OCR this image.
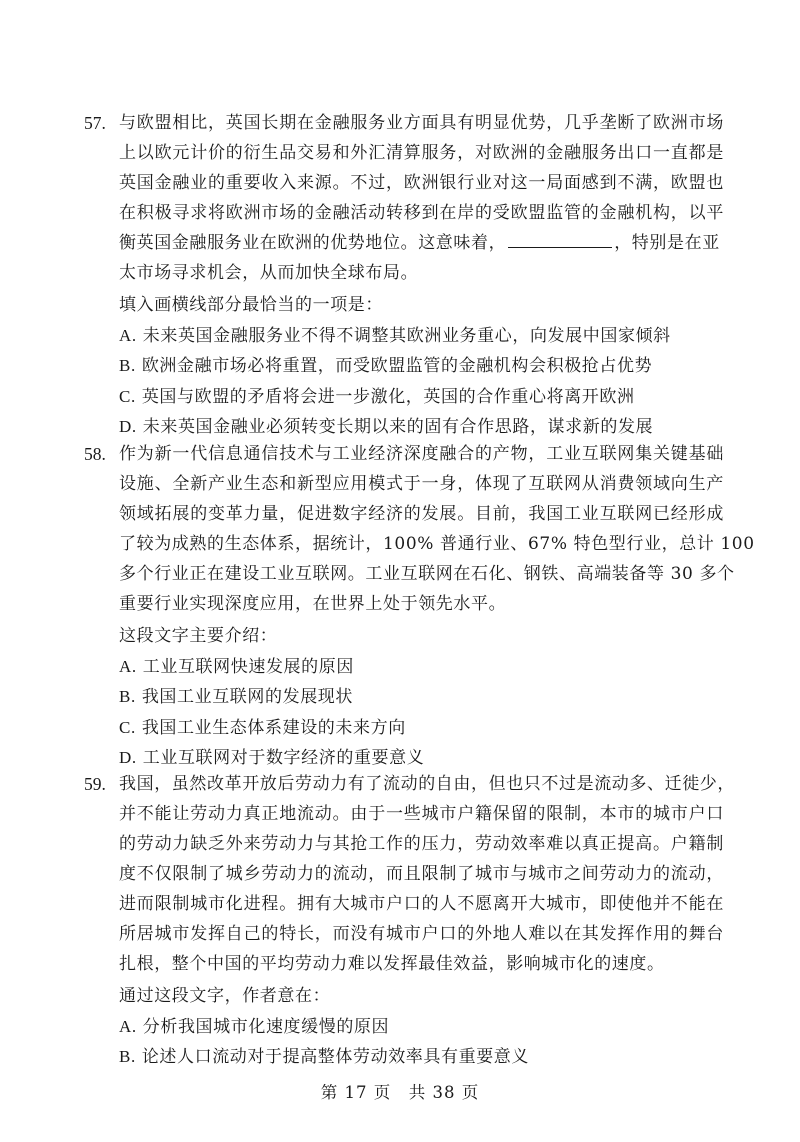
57. 与欧盟相比，英国长期在金融服务业方面具有明显优势，几乎垄断了欧洲市场
上以欧元计价的衍生品交易和外汇清算服务，对欧洲的金融服务出口一直都是
英国金融业的重要收入来源。不过，欧洲银行业对这一局面感到不满，欧盟也
在积极寻求将欧洲市场的金融活动转移到在岸的受欧盟监管的金融机构，以平
衡英国金融服务业在欧洲的优势地位。这意味着，	，特别是在亚
太市场寻求机会，从而加快全球布局。
填入画横线部分最恰当的一项是：
A. 未来英国金融服务业不得不调整其欧洲业务重心，向发展中国家倾斜
B. 欧洲金融市场必将重置，而受欧盟监管的金融机构会积极抢占优势
C. 英国与欧盟的矛盾将会进一步激化，英国的合作重心将离开欧洲
D. 未来英国金融业必须转变长期以来的固有合作思路，谋求新的发展
58. 作为新一代信息通信技术与工业经济深度融合的产物，工业互联网集关键基础
设施、全新产业生态和新型应用模式于一身，体现了互联网从消费领域向生产
领域拓展的变革力量，促进数字经济的发展。目前，我国工业互联网已经形成
了较为成熟的生态体系，据统计，100% 普通行业、67% 特色型行业，总计 100
多个行业正在建设工业互联网。工业互联网在石化、钢铁、高端装备等 30 多个
重要行业实现深度应用，在世界上处于领先水平。
这段文字主要介绍：
A. 工业互联网快速发展的原因
B. 我国工业互联网的发展现状
C. 我国工业生态体系建设的未来方向
D. 工业互联网对于数字经济的重要意义
59. 我国，虽然改革开放后劳动力有了流动的自由，但也只不过是流动多、迁徙少，
并不能让劳动力真正地流动。由于一些城市户籍保留的限制，本市的城市户口
的劳动力缺乏外来劳动力与其抢工作的压力，劳动效率难以真正提高。户籍制
度不仅限制了城乡劳动力的流动，而且限制了城市与城市之间劳动力的流动，
进而限制城市化进程。拥有大城市户口的人不愿离开大城市，即使他并不能在
所居城市发挥自己的特长，而没有城市户口的外地人难以在其发挥作用的舞台
扎根，整个中国的平均劳动力难以发挥最佳效益，影响城市化的速度。
通过这段文字，作者意在：
A. 分析我国城市化速度缓慢的原因
B. 论述人口流动对于提高整体劳动效率具有重要意义
第 17 页　共 38 页
